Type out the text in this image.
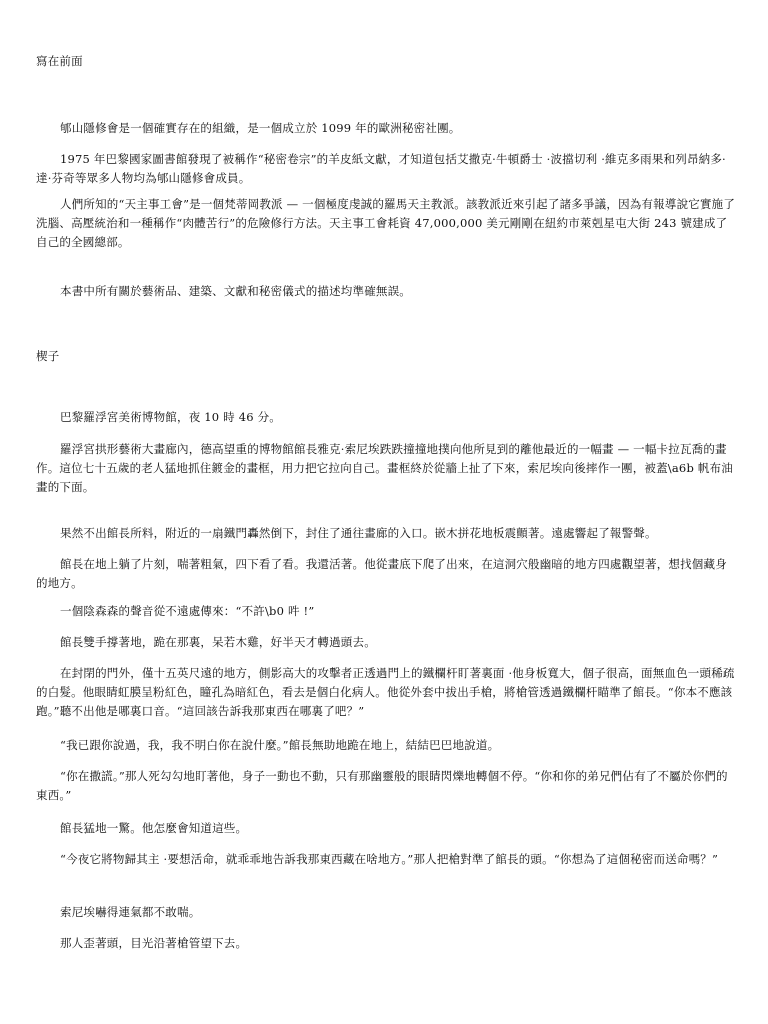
寫在前面

郇山隱修會是一個確實存在的組織，是一個成立於 1099 年的歐洲秘密社團。

1975 年巴黎國家圖書館發現了被稱作“秘密卷宗”的羊皮紙文獻，才知道包括艾撒克·牛頓爵士 ·波擋切利 ·維克多雨果和列昂納多·達·芬奇等眾多人物均為郇山隱修會成員。

人們所知的“天主事工會”是一個梵蒂岡教派 — 一個極度虔誠的羅馬天主教派。該教派近來引起了諸多爭議，因為有報導說它實施了洗腦、高壓統治和一種稱作“肉體苦行”的危險修行方法。天主事工會耗資 47,000,000 美元剛剛在紐約市萊剋星屯大街 243 號建成了自己的全國總部。

本書中所有關於藝術品、建築、文獻和秘密儀式的描述均準確無誤。

楔子

巴黎羅浮宮美術博物館，夜 10 時 46 分。

羅浮宮拱形藝術大畫廊內，德高望重的博物館館長雅克·索尼埃跌跌撞撞地撲向他所見到的離他最近的一幅畫 — 一幅卡拉瓦喬的畫作。這位七十五歲的老人猛地抓住鍍金的畫框，用力把它拉向自己。畫框終於從牆上扯了下來，索尼埃向後摔作一團，被蓋\a6b 帆布油畫的下面。

果然不出館長所料，附近的一扇鐵門轟然倒下，封住了通往畫廊的入口。嵌木拼花地板震顫著。遠處響起了報警聲。

館長在地上躺了片刻，喘著粗氣，四下看了看。我還活著。他從畫底下爬了出來，在這洞穴般幽暗的地方四處觀望著，想找個藏身的地方。

一個陰森森的聲音從不遠處傳來：“不許\b0 吽 !”

館長雙手撐著地，跪在那裏，呆若木雞，好半天才轉過頭去。

在封閉的門外，僅十五英尺遠的地方，側影高大的攻擊者正透過門上的鐵欄杆盯著裏面 ·他身板寬大，個子很高，面無血色一頭稀疏的白髮。他眼睛虹膜呈粉紅色，瞳孔為暗紅色，看去是個白化病人。他從外套中拔出手槍，將槍管透過鐵欄杆瞄準了館長。“你本不應該跑。”聽不出他是哪裏口音。“這回該告訴我那東西在哪裏了吧？”

“我已跟你說過，我，我不明白你在說什麼。”館長無助地跪在地上，結結巴巴地說道。

“你在撒謊。”那人死勾勾地盯著他，身子一動也不動，只有那幽靈般的眼睛閃爍地轉個不停。“你和你的弟兄們佔有了不屬於你們的東西。”

館長猛地一驚。他怎麼會知道這些。

“今夜它將物歸其主 ·要想活命，就乖乖地告訴我那東西藏在啥地方。”那人把槍對準了館長的頭。“你想為了這個秘密而送命嗎？”

索尼埃嚇得連氣都不敢喘。

那人歪著頭，目光沿著槍管望下去。
